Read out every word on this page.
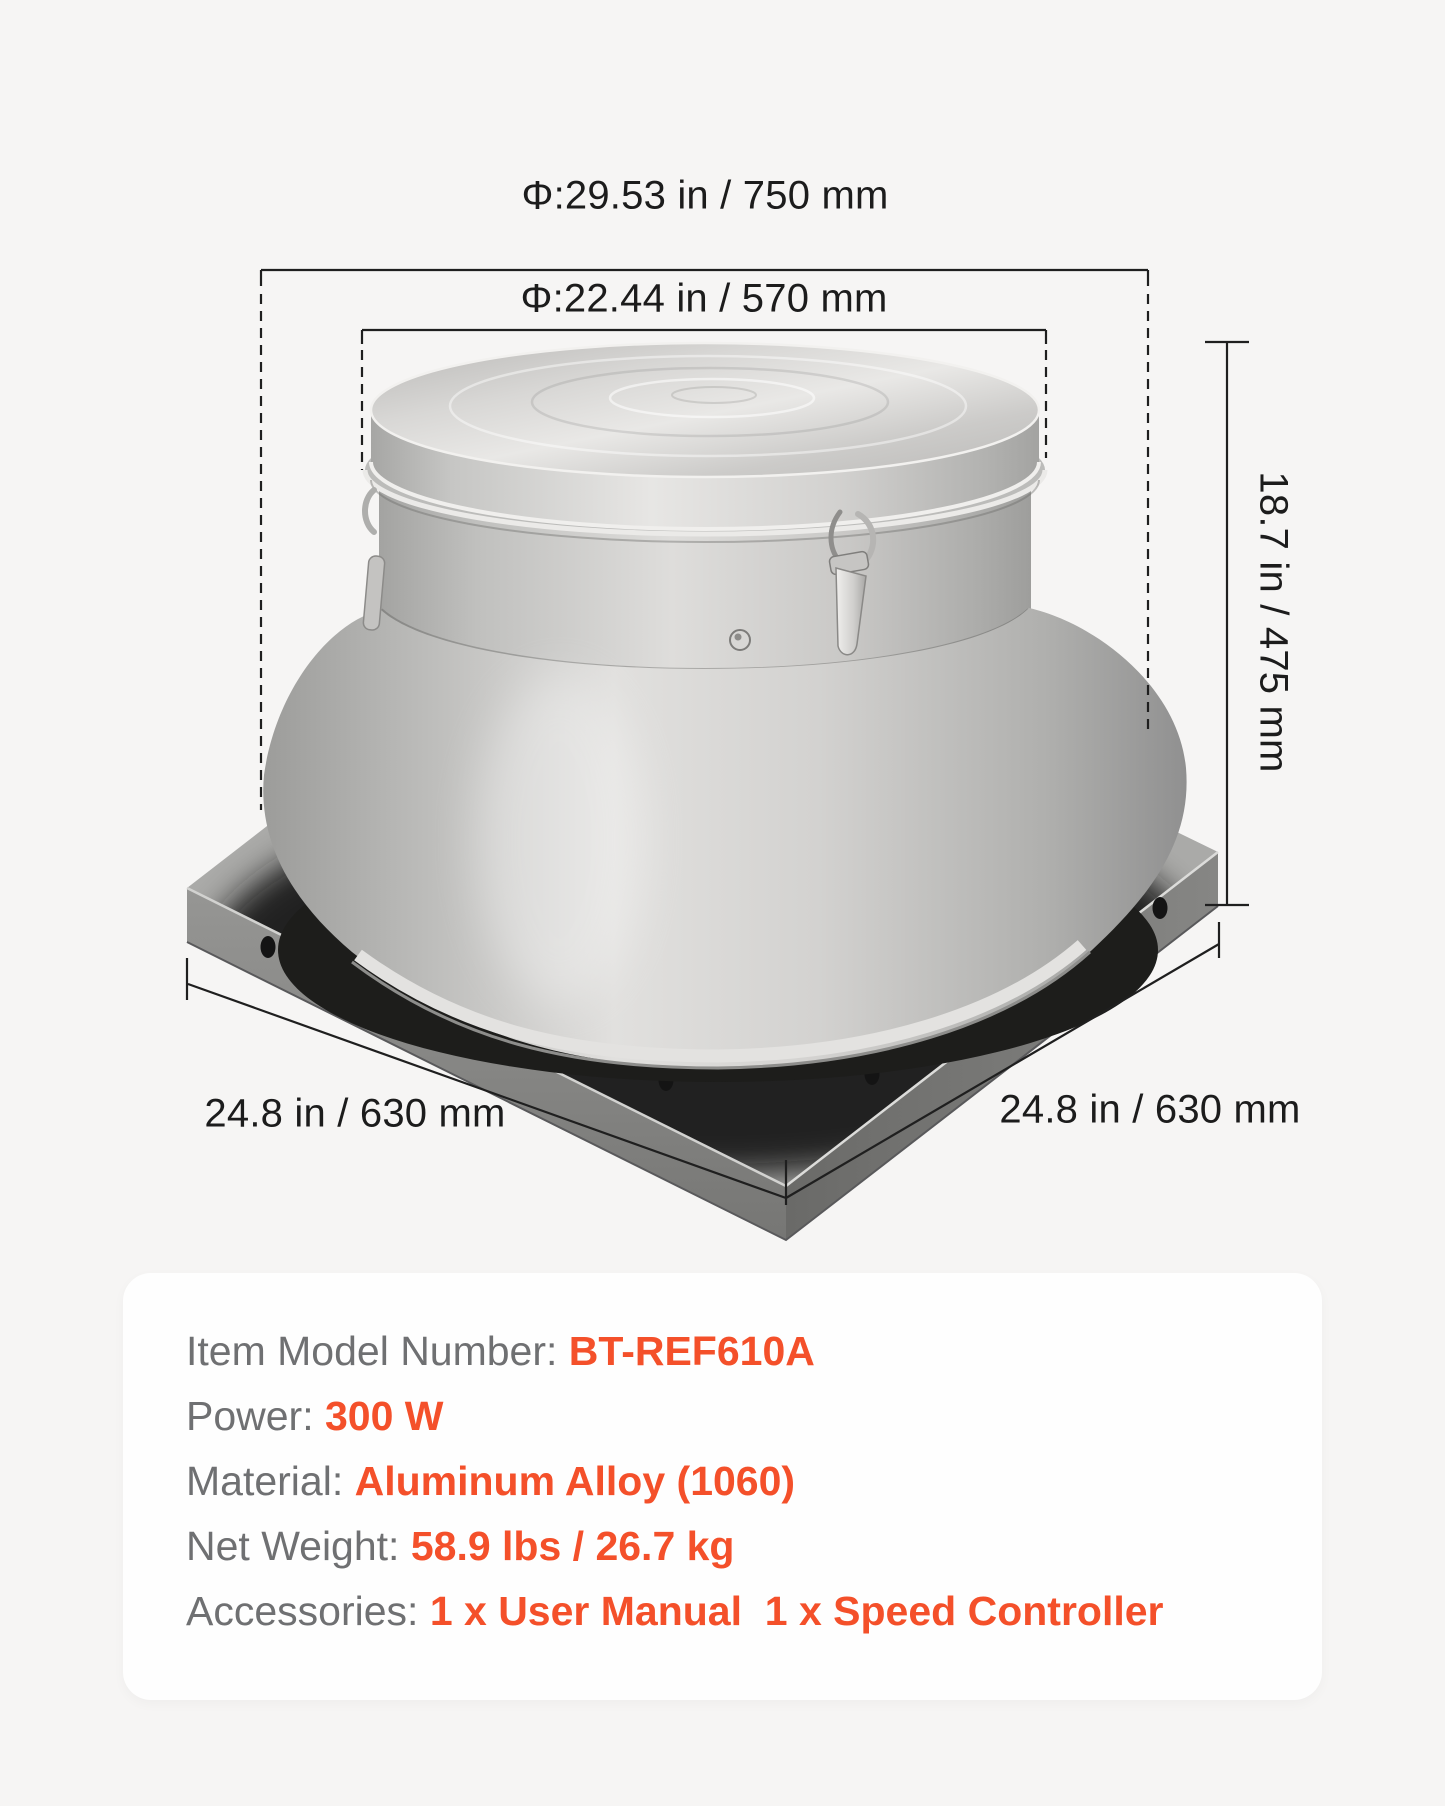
Φ:29.53 in / 750 mm
Φ:22.44 in / 570 mm
18.7 in / 475 mm
24.8 in / 630 mm	24.8 in / 630 mm
Item Model Number: BT-REF610A
Power: 300 W
Material: Aluminum Alloy (1060)
Net Weight: 58.9 lbs / 26.7 kg
Accessories: 1 x User Manual  1 x Speed Controller
